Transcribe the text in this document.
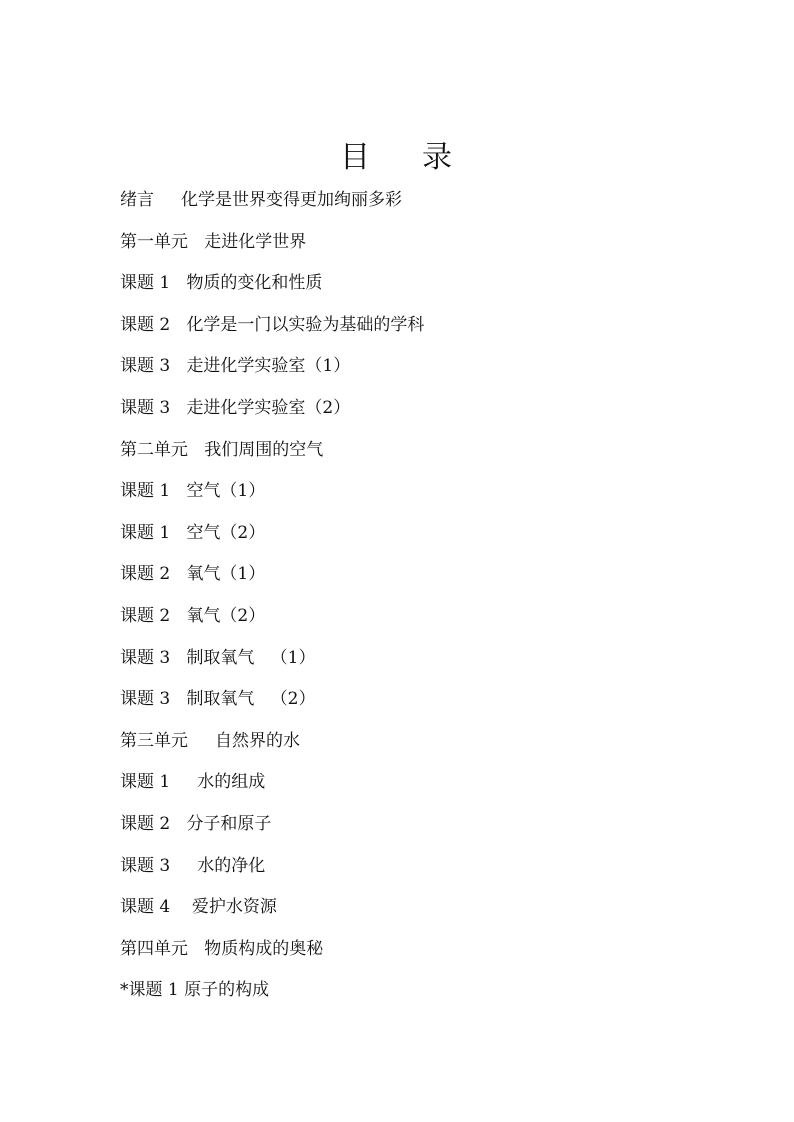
目 录
绪言     化学是世界变得更加绚丽多彩
第一单元   走进化学世界
课题 1   物质的变化和性质
课题 2   化学是一门以实验为基础的学科
课题 3   走进化学实验室（1）
课题 3   走进化学实验室（2）
第二单元   我们周围的空气
课题 1   空气（1）
课题 1   空气（2）
课题 2   氧气（1）
课题 2   氧气（2）
课题 3   制取氧气   （1）
课题 3   制取氧气   （2）
第三单元     自然界的水
课题 1     水的组成
课题 2   分子和原子
课题 3     水的净化
课题 4    爱护水资源
第四单元   物质构成的奥秘
*课题 1 原子的构成
